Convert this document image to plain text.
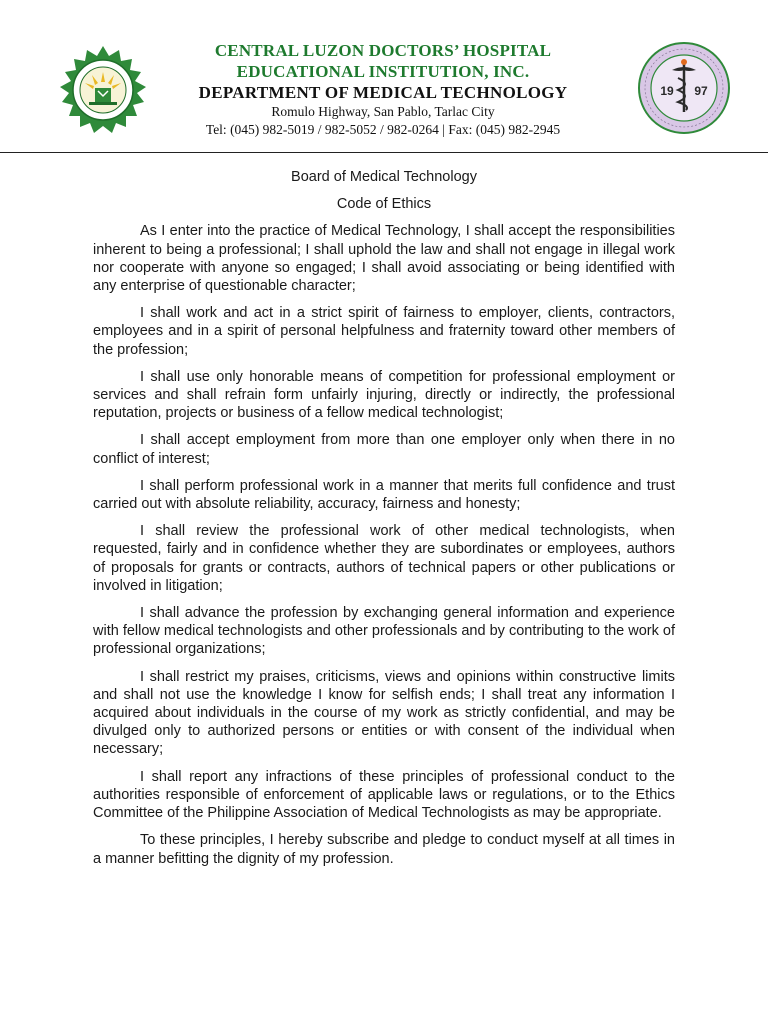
CENTRAL LUZON DOCTORS’ HOSPITAL
EDUCATIONAL INSTITUTION, INC.
DEPARTMENT OF MEDICAL TECHNOLOGY
Romulo Highway, San Pablo, Tarlac City
Tel: (045) 982-5019 / 982-5052 / 982-0264 | Fax: (045) 982-2945
19 97
Board of Medical Technology
Code of Ethics

As I enter into the practice of Medical Technology, I shall accept the responsibilities inherent to being a professional; I shall uphold the law and shall not engage in illegal work nor cooperate with anyone so engaged; I shall avoid associating or being identified with any enterprise of questionable character;

I shall work and act in a strict spirit of fairness to employer, clients, contractors, employees and in a spirit of personal helpfulness and fraternity toward other members of the profession;

I shall use only honorable means of competition for professional employment or services and shall refrain form unfairly injuring, directly or indirectly, the professional reputation, projects or business of a fellow medical technologist;

I shall accept employment from more than one employer only when there in no conflict of interest;

I shall perform professional work in a manner that merits full confidence and trust carried out with absolute reliability, accuracy, fairness and honesty;

I shall review the professional work of other medical technologists, when requested, fairly and in confidence whether they are subordinates or employees, authors of proposals for grants or contracts, authors of technical papers or other publications or involved in litigation;

I shall advance the profession by exchanging general information and experience with fellow medical technologists and other professionals and by contributing to the work of professional organizations;

I shall restrict my praises, criticisms, views and opinions within constructive limits and shall not use the knowledge I know for selfish ends; I shall treat any information I acquired about individuals in the course of my work as strictly confidential, and may be divulged only to authorized persons or entities or with consent of the individual when necessary;

I shall report any infractions of these principles of professional conduct to the authorities responsible of enforcement of applicable laws or regulations, or to the Ethics Committee of the Philippine Association of Medical Technologists as may be appropriate.

To these principles, I hereby subscribe and pledge to conduct myself at all times in a manner befitting the dignity of my profession.
